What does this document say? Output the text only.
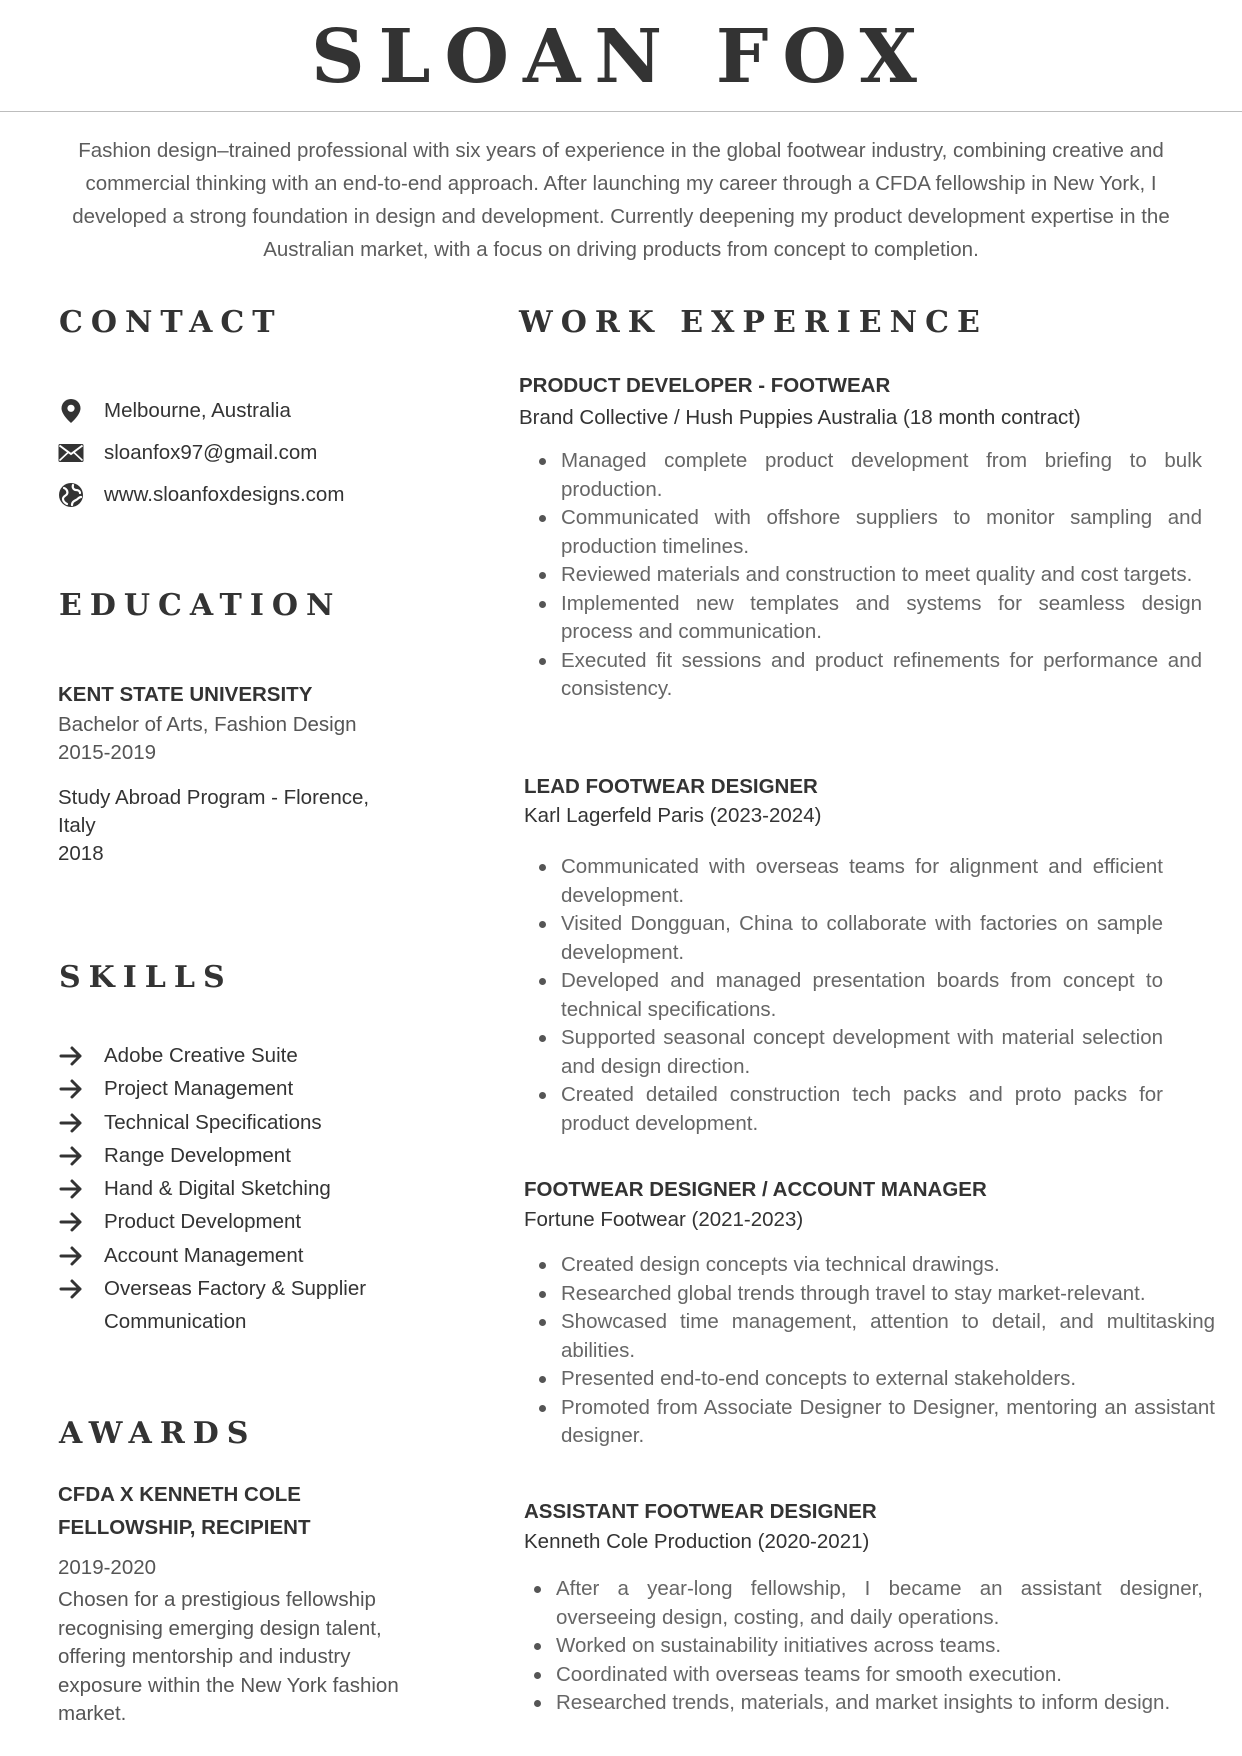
SLOAN FOX

Fashion design–trained professional with six years of experience in the global footwear industry, combining creative and commercial thinking with an end-to-end approach. After launching my career through a CFDA fellowship in New York, I developed a strong foundation in design and development. Currently deepening my product development expertise in the Australian market, with a focus on driving products from concept to completion.

CONTACT
Melbourne, Australia
sloanfox97@gmail.com
www.sloanfoxdesigns.com
EDUCATION

KENT STATE UNIVERSITY

Bachelor of Arts, Fashion Design

2015-2019

Study Abroad Program - Florence,

Italy

2018

SKILLS
Adobe Creative Suite
Project Management
Technical Specifications
Range Development
Hand & Digital Sketching
Product Development
Account Management
Overseas Factory & Supplier Communication
AWARDS

CFDA X KENNETH COLE FELLOWSHIP, RECIPIENT

2019-2020

Chosen for a prestigious fellowship recognising emerging design talent, offering mentorship and industry exposure within the New York fashion market.

WORK EXPERIENCE

PRODUCT DEVELOPER - FOOTWEAR

Brand Collective / Hush Puppies Australia (18 month contract)

Managed complete product development from briefing to bulk production.
Communicated with offshore suppliers to monitor sampling and production timelines.
Reviewed materials and construction to meet quality and cost targets.
Implemented new templates and systems for seamless design process and communication.
Executed fit sessions and product refinements for performance and consistency.

LEAD FOOTWEAR DESIGNER

Karl Lagerfeld Paris (2023-2024)

Communicated with overseas teams for alignment and efficient development.
Visited Dongguan, China to collaborate with factories on sample development.
Developed and managed presentation boards from concept to technical specifications.
Supported seasonal concept development with material selection and design direction.
Created detailed construction tech packs and proto packs for product development.

FOOTWEAR DESIGNER / ACCOUNT MANAGER

Fortune Footwear (2021-2023)

Created design concepts via technical drawings.
Researched global trends through travel to stay market-relevant.
Showcased time management, attention to detail, and multitasking abilities.
Presented end-to-end concepts to external stakeholders.
Promoted from Associate Designer to Designer, mentoring an assistant designer.

ASSISTANT FOOTWEAR DESIGNER

Kenneth Cole Production (2020-2021)

After a year-long fellowship, I became an assistant designer, overseeing design, costing, and daily operations.
Worked on sustainability initiatives across teams.
Coordinated with overseas teams for smooth execution.
Researched trends, materials, and market insights to inform design.
